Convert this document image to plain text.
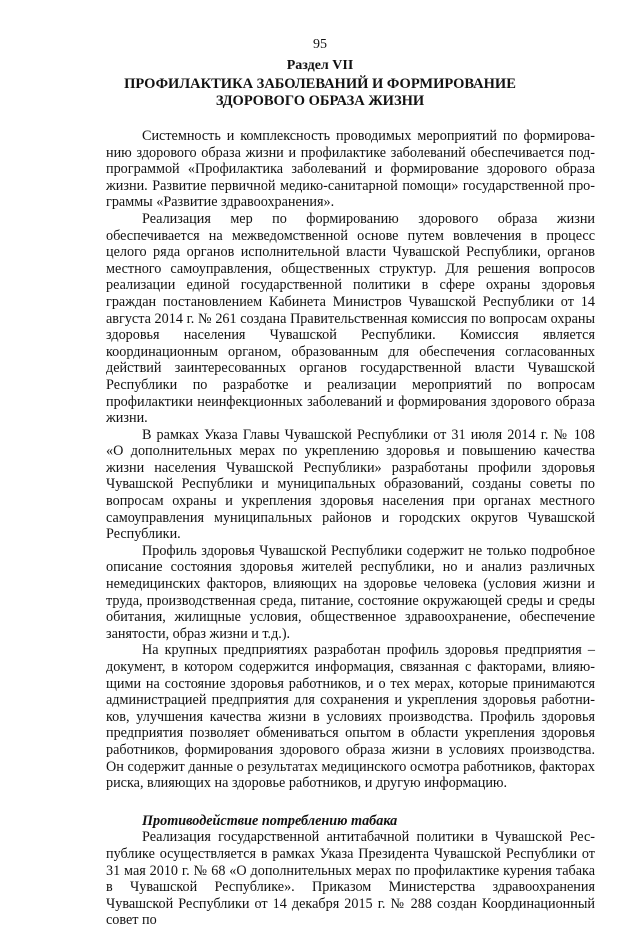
95
Раздел VII
ПРОФИЛАКТИКА ЗАБОЛЕВАНИЙ И ФОРМИРОВАНИЕ ЗДОРОВОГО ОБРАЗА ЖИЗНИ

Системность и комплексность проводимых мероприятий по формированию здорового образа жизни и профилактике заболеваний обеспечивается подпрограммой «Профилактика заболеваний и формирование здорового образа жизни. Развитие первичной медико-санитарной помощи» государственной программы «Развитие здравоохранения».

Реализация мер по формированию здорового образа жизни обеспечивается на межведомственной основе путем вовлечения в процесс целого ряда органов исполнительной власти Чувашской Республики, органов местного самоуправления, общественных структур. Для решения вопросов реализации единой государственной политики в сфере охраны здоровья граждан постановлением Кабинета Министров Чувашской Республики от 14 августа 2014 г. № 261 создана Правительственная комиссия по вопросам охраны здоровья населения Чувашской Республики. Комиссия является координационным органом, образованным для обеспечения согласованных действий заинтересованных органов государственной власти Чувашской Республики по разработке и реализации мероприятий по вопросам профилактики неинфекционных заболеваний и формирования здорового образа жизни.

В рамках Указа Главы Чувашской Республики от 31 июля 2014 г. № 108 «О дополнительных мерах по укреплению здоровья и повышению качества жизни населения Чувашской Республики» разработаны профили здоровья Чувашской Республики и муниципальных образований, созданы советы по вопросам охраны и укрепления здоровья населения при органах местного самоуправления муниципальных районов и городских округов Чувашской Республики.

Профиль здоровья Чувашской Республики содержит не только подробное описание состояния здоровья жителей республики, но и анализ различных немедицинских факторов, влияющих на здоровье человека (условия жизни и труда, производственная среда, питание, состояние окружающей среды и среды обитания, жилищные условия, общественное здравоохранение, обеспечение занятости, образ жизни и т.д.).

На крупных предприятиях разработан профиль здоровья предприятия – документ, в котором содержится информация, связанная с факторами, влияющими на состояние здоровья работников, и о тех мерах, которые принимаются администрацией предприятия для сохранения и укрепления здоровья работников, улучшения качества жизни в условиях производства. Профиль здоровья предприятия позволяет обмениваться опытом в области укрепления здоровья работников, формирования здорового образа жизни в условиях производства. Он содержит данные о результатах медицинского осмотра работников, факторах риска, влияющих на здоровье работников, и другую информацию.

Противодействие потреблению табака

Реализация государственной антитабачной политики в Чувашской Республике осуществляется в рамках Указа Президента Чувашской Республики от 31 мая 2010 г. № 68 «О дополнительных мерах по профилактике курения табака в Чувашской Республике». Приказом Министерства здравоохранения Чувашской Республики от 14 декабря 2015 г. № 288 создан Координационный совет по
